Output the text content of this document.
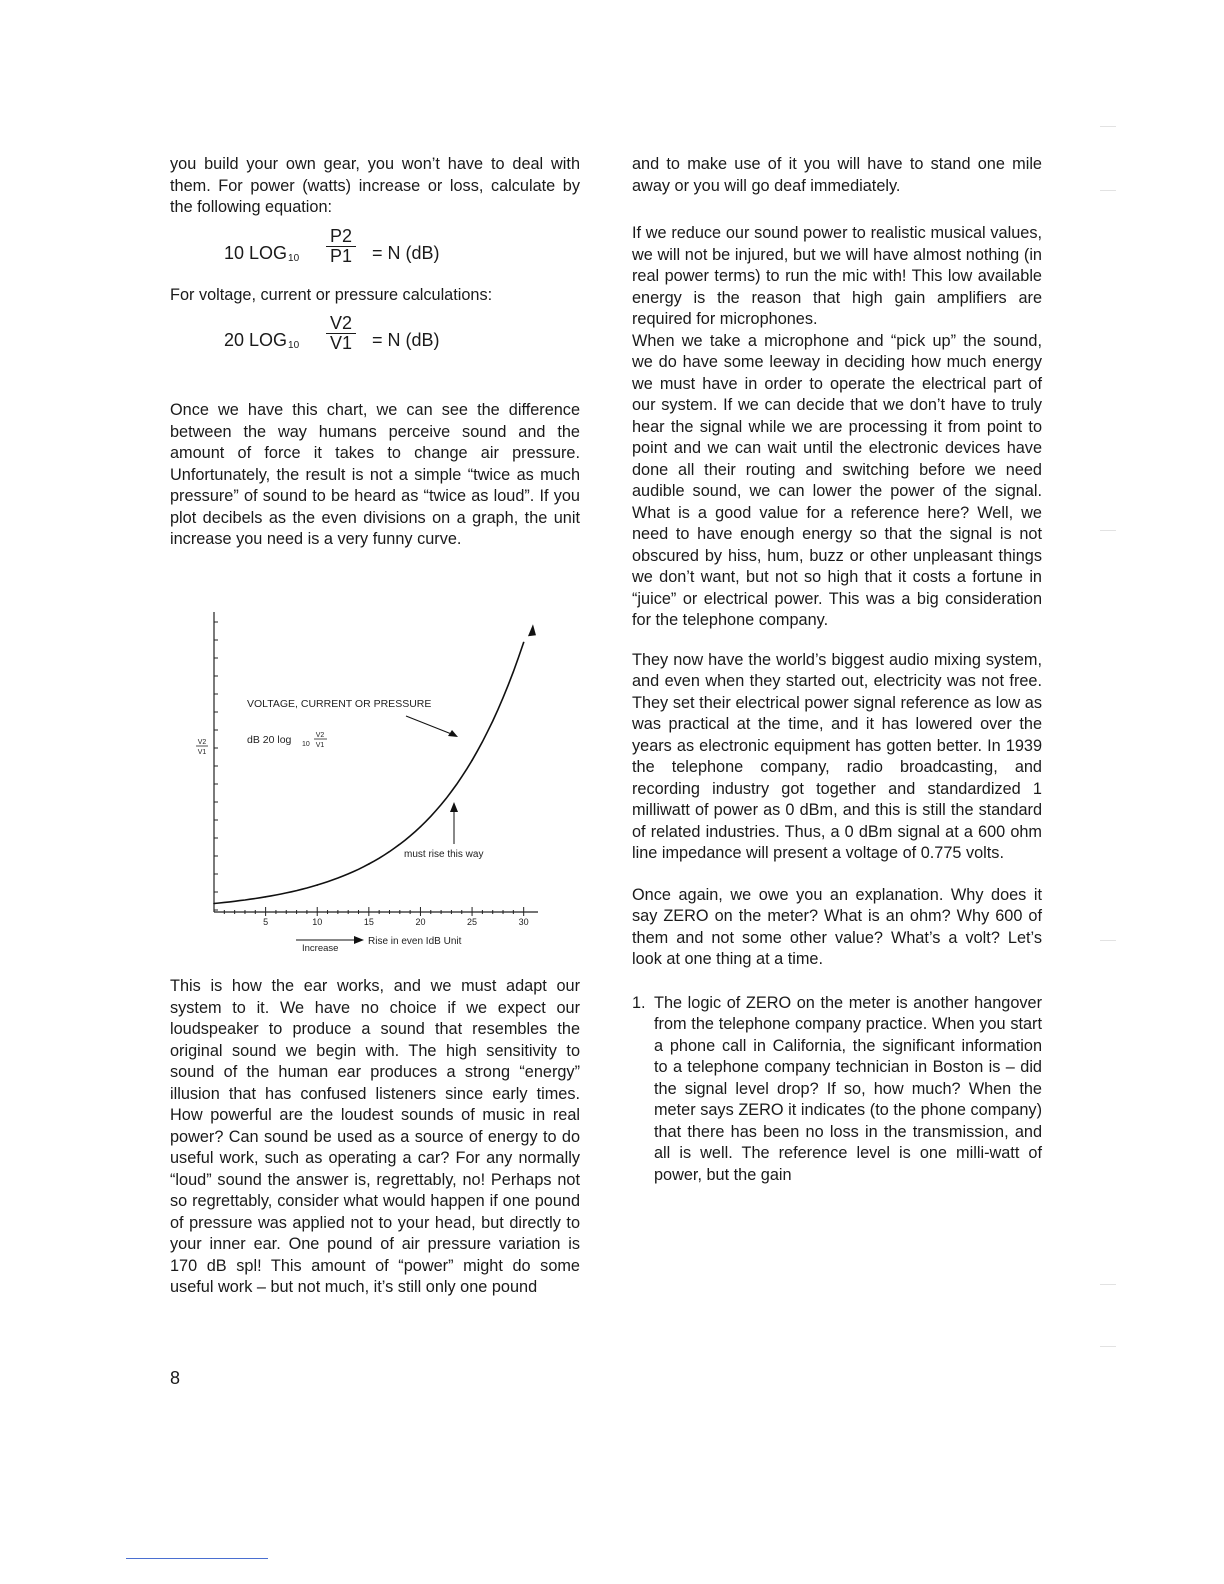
you build your own gear, you won’t have to deal with them. For power (watts) increase or loss, calculate by the following equation:

10 $LOG_{10} \frac{P2}{P1} = N$ (dB)

For voltage, current or pressure calculations:

20 $LOG_{10} \frac{V2}{V1} = N$ (dB)

Once we have this chart, we can see the difference between the way humans perceive sound and the amount of force it takes to change air pressure. Unfortunately, the result is not a simple “twice as much pressure” of sound to be heard as “twice as loud”. If you plot decibels as the even divisions on a graph, the unit increase you need is a very funny curve.

5	10	15	20	25	30
VOLTAGE, CURRENT OR PRESSURE
dB 20 log 10
V2
V1
V2
V1
must rise this way
Increase
Rise in even IdB Unit

This is how the ear works, and we must adapt our system to it. We have no choice if we expect our loudspeaker to produce a sound that resembles the original sound we begin with. The high sensitivity to sound of the human ear produces a strong “energy” illusion that has confused listeners since early times. How powerful are the loudest sounds of music in real power? Can sound be used as a source of energy to do useful work, such as operating a car? For any normally “loud” sound the answer is, regrettably, no! Perhaps not so regrettably, consider what would happen if one pound of pressure was applied not to your head, but directly to your inner ear. One pound of air pressure variation is 170 dB spl! This amount of “power” might do some useful work – but not much, it’s still only one pound

and to make use of it you will have to stand one mile away or you will go deaf immediately.

If we reduce our sound power to realistic musical values, we will not be injured, but we will have almost nothing (in real power terms) to run the mic with! This low available energy is the reason that high gain amplifiers are required for microphones.

When we take a microphone and “pick up” the sound, we do have some leeway in deciding how much energy we must have in order to operate the electrical part of our system. If we can decide that we don’t have to truly hear the signal while we are processing it from point to point and we can wait until the electronic devices have done all their routing and switching before we need audible sound, we can lower the power of the signal. What is a good value for a reference here? Well, we need to have enough energy so that the signal is not obscured by hiss, hum, buzz or other unpleasant things we don’t want, but not so high that it costs a fortune in “juice” or electrical power. This was a big consideration for the telephone company.

They now have the world’s biggest audio mixing system, and even when they started out, electricity was not free. They set their electrical power signal reference as low as was practical at the time, and it has lowered over the years as electronic equipment has gotten better. In 1939 the telephone company, radio broadcasting, and recording industry got together and standardized 1 milliwatt of power as 0 dBm, and this is still the standard of related industries. Thus, a 0 dBm signal at a 600 ohm line impedance will present a voltage of 0.775 volts.

Once again, we owe you an explanation. Why does it say ZERO on the meter? What is an ohm? Why 600 of them and not some other value? What’s a volt? Let’s look at one thing at a time.

1. The logic of ZERO on the meter is another hangover from the telephone company practice. When you start a phone call in California, the significant information to a telephone company technician in Boston is – did the signal level drop? If so, how much? When the meter says ZERO it indicates (to the phone company) that there has been no loss in the transmission, and all is well. The reference level is one milli-watt of power, but the gain

8
